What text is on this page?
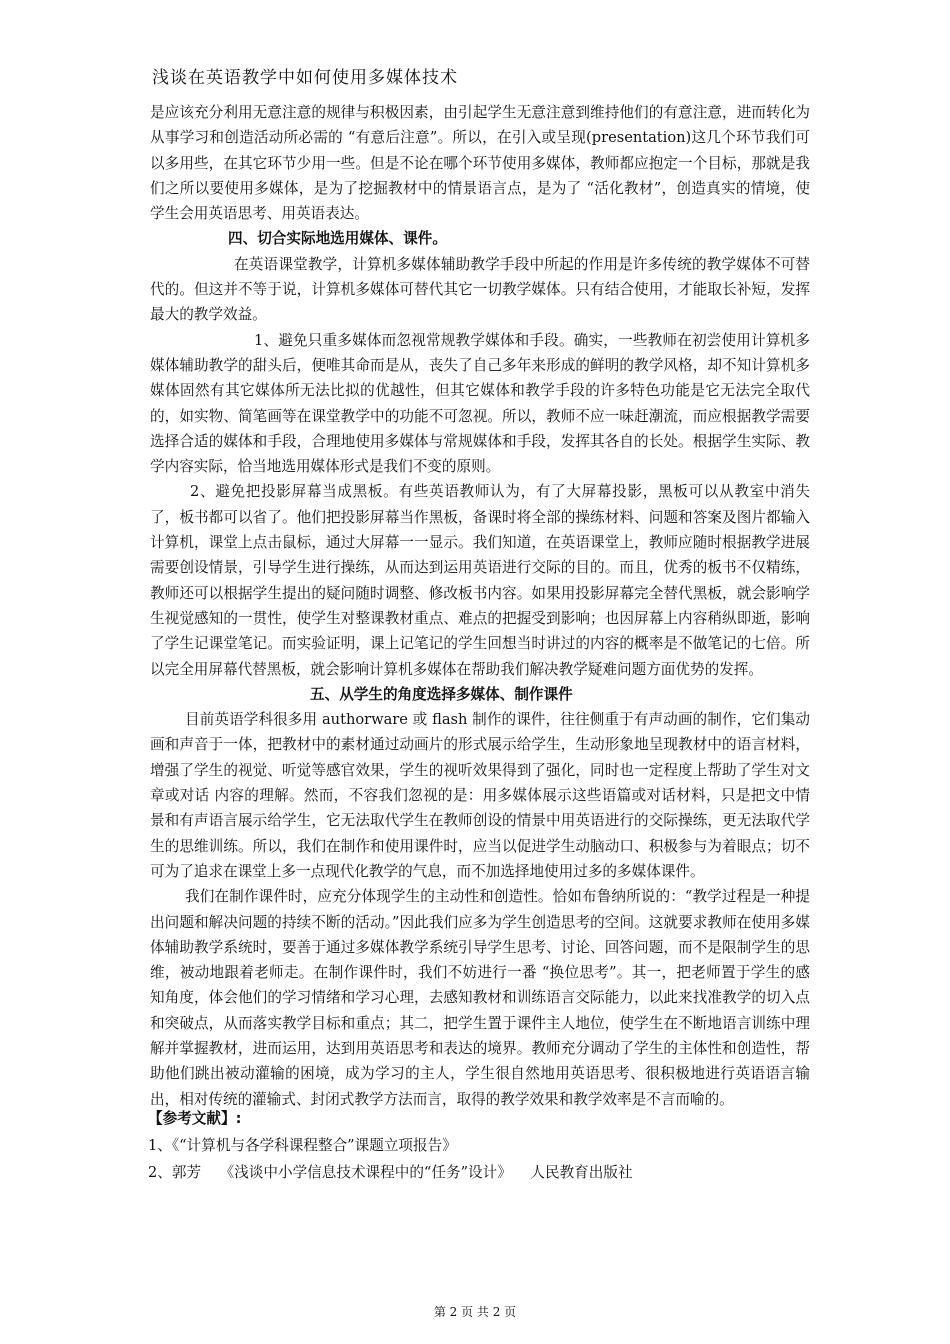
浅谈在英语教学中如何使用多媒体技术

是应该充分利用无意注意的规律与积极因素，由引起学生无意注意到维持他们的有意注意，进而转化为从事学习和创造活动所必需的 “有意后注意”。所以，在引入或呈现(presentation)这几个环节我们可以多用些，在其它环节少用一些。但是不论在哪个环节使用多媒体，教师都应抱定一个目标，那就是我们之所以要使用多媒体，是为了挖掘教材中的情景语言点，是为了 “活化教材”，创造真实的情境，使学生会用英语思考、用英语表达。

四、切合实际地选用媒体、课件。

在英语课堂教学，计算机多媒体辅助教学手段中所起的作用是许多传统的教学媒体不可替代的。但这并不等于说，计算机多媒体可替代其它一切教学媒体。只有结合使用，才能取长补短，发挥最大的教学效益。

1、避免只重多媒体而忽视常规教学媒体和手段。确实，一些教师在初尝使用计算机多媒体辅助教学的甜头后，便唯其命而是从，丧失了自己多年来形成的鲜明的教学风格，却不知计算机多媒体固然有其它媒体所无法比拟的优越性，但其它媒体和教学手段的许多特色功能是它无法完全取代的，如实物、简笔画等在课堂教学中的功能不可忽视。所以，教师不应一味赶潮流，而应根据教学需要选择合适的媒体和手段，合理地使用多媒体与常规媒体和手段，发挥其各自的长处。根据学生实际、教学内容实际，恰当地选用媒体形式是我们不变的原则。

2、避免把投影屏幕当成黑板。有些英语教师认为，有了大屏幕投影，黑板可以从教室中消失了，板书都可以省了。他们把投影屏幕当作黑板，备课时将全部的操练材料、问题和答案及图片都输入计算机，课堂上点击鼠标，通过大屏幕一一显示。我们知道，在英语课堂上，教师应随时根据教学进展需要创设情景，引导学生进行操练，从而达到运用英语进行交际的目的。而且，优秀的板书不仅精练，教师还可以根据学生提出的疑问随时调整、修改板书内容。如果用投影屏幕完全替代黑板，就会影响学生视觉感知的一贯性，使学生对整课教材重点、难点的把握受到影响；也因屏幕上内容稍纵即逝，影响了学生记课堂笔记。而实验证明，课上记笔记的学生回想当时讲过的内容的概率是不做笔记的七倍。所以完全用屏幕代替黑板，就会影响计算机多媒体在帮助我们解决教学疑难问题方面优势的发挥。

五、从学生的角度选择多媒体、制作课件

目前英语学科很多用 authorware 或 flash 制作的课件，往往侧重于有声动画的制作，它们集动画和声音于一体，把教材中的素材通过动画片的形式展示给学生，生动形象地呈现教材中的语言材料，增强了学生的视觉、听觉等感官效果，学生的视听效果得到了强化，同时也一定程度上帮助了学生对文章或对话 内容的理解。然而，不容我们忽视的是：用多媒体展示这些语篇或对话材料，只是把文中情景和有声语言展示给学生，它无法取代学生在教师创设的情景中用英语进行的交际操练，更无法取代学生的思维训练。所以，我们在制作和使用课件时，应当以促进学生动脑动口、积极参与为着眼点；切不可为了追求在课堂上多一点现代化教学的气息，而不加选择地使用过多的多媒体课件。

我们在制作课件时，应充分体现学生的主动性和创造性。恰如布鲁纳所说的：“教学过程是一种提出问题和解决问题的持续不断的活动。”因此我们应多为学生创造思考的空间。这就要求教师在使用多媒体辅助教学系统时，要善于通过多媒体教学系统引导学生思考、讨论、回答问题，而不是限制学生的思维，被动地跟着老师走。在制作课件时，我们不妨进行一番 “换位思考”。其一，把老师置于学生的感知角度，体会他们的学习情绪和学习心理，去感知教材和训练语言交际能力，以此来找准教学的切入点和突破点，从而落实教学目标和重点；其二，把学生置于课件主人地位，使学生在不断地语言训练中理解并掌握教材，进而运用，达到用英语思考和表达的境界。教师充分调动了学生的主体性和创造性，帮助他们跳出被动灌输的困境，成为学习的主人，学生很自然地用英语思考、很积极地进行英语语言输出，相对传统的灌输式、封闭式教学方法而言，取得的教学效果和教学效率是不言而喻的。

【参考文献】:

1、《“计算机与各学科课程整合”课题立项报告》

2、郭芳    《浅谈中小学信息技术课程中的“任务”设计》    人民教育出版社

第 2 页 共 2 页
